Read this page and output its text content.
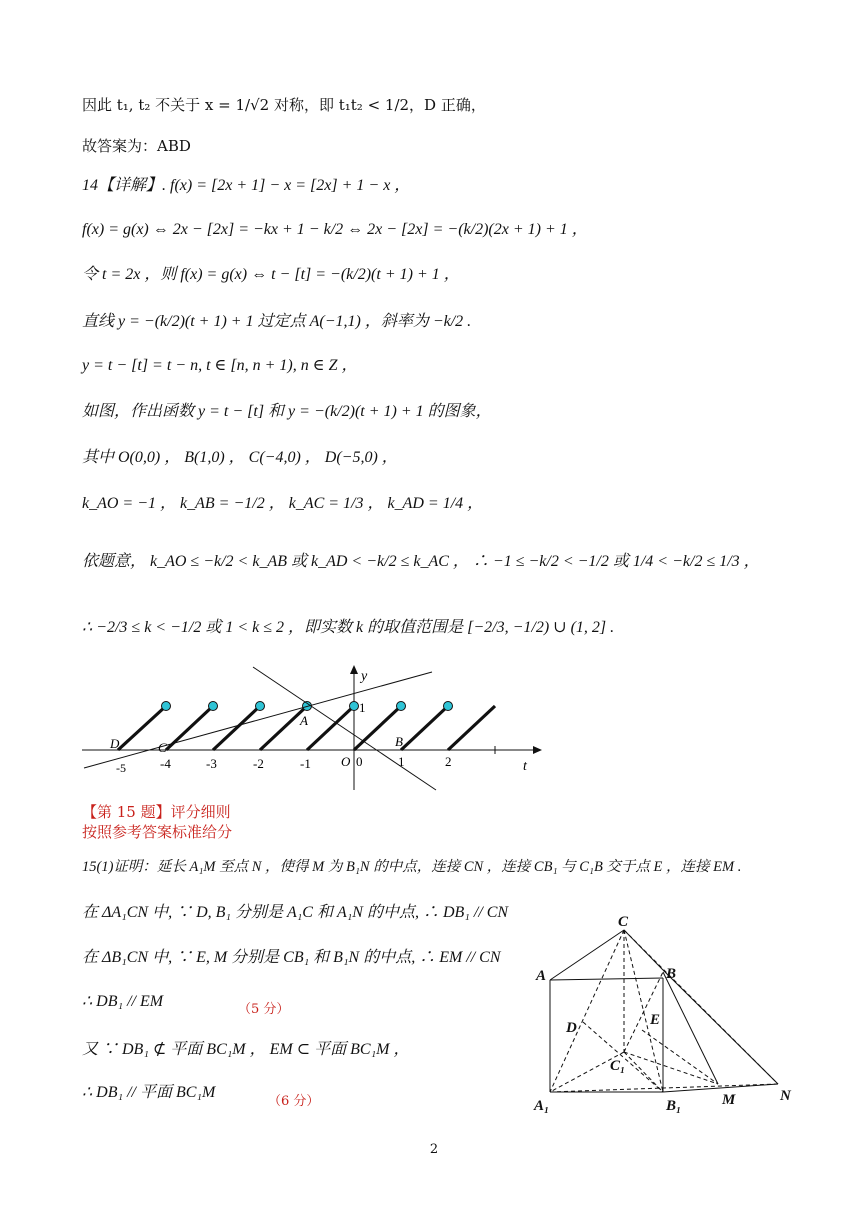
因此 t₁, t₂ 不关于 x = 1/√2 对称，即 t₁t₂ < 1/2，D 正确，
故答案为：ABD
14【详解】. f(x) = [2x + 1] − x = [2x] + 1 − x ，
f(x) = g(x) ⇔ 2x − [2x] = −kx + 1 − k/2 ⇔ 2x − [2x] = −(k/2)(2x + 1) + 1 ，
令 t = 2x ，则 f(x) = g(x) ⇔ t − [t] = −(k/2)(t + 1) + 1 ，
直线 y = −(k/2)(t + 1) + 1 过定点 A(−1,1) ，斜率为 −k/2 .
y = t − [t] = t − n, t ∈ [n, n + 1), n ∈ Z ，
如图，作出函数 y = t − [t] 和 y = −(k/2)(t + 1) + 1 的图象，
其中 O(0,0) ， B(1,0) ， C(−4,0) ， D(−5,0) ，
k_AO = −1 ， k_AB = −1/2 ， k_AC = 1/3 ， k_AD = 1/4 ，
依题意， k_AO ≤ −k/2 < k_AB 或 k_AD < −k/2 ≤ k_AC ， ∴ −1 ≤ −k/2 < −1/2 或 1/4 < −k/2 ≤ 1/3 ，
∴ −2/3 ≤ k < −1/2 或 1 < k ≤ 2 ，即实数 k 的取值范围是 [−2/3, −1/2) ∪ (1, 2] .
y
t
-5	-4	-3	-2	-1 O 0	1	2
1
D	C
A
B
【第 15 题】评分细则
按照参考答案标准给分
15(1)证明：延长 A₁M 至点 N ，使得 M 为 B₁N 的中点，连接 CN ，连接 CB₁ 与 C₁B 交于点 E ，连接 EM .
在 ΔA₁CN 中, ∵ D, B₁ 分别是 A₁C 和 A₁N 的中点, ∴ DB₁ // CN
在 ΔB₁CN 中, ∵ E, M 分别是 CB₁ 和 B₁N 的中点, ∴ EM // CN
∴ DB₁ // EM	（5 分）
又 ∵ DB₁ ⊄ 平面 BC₁M ， EM ⊂ 平面 BC₁M ，
∴ DB₁ // 平面 BC₁M
（6 分）
C
A	B
D	E
C₁
A₁	B₁	M	N
2
